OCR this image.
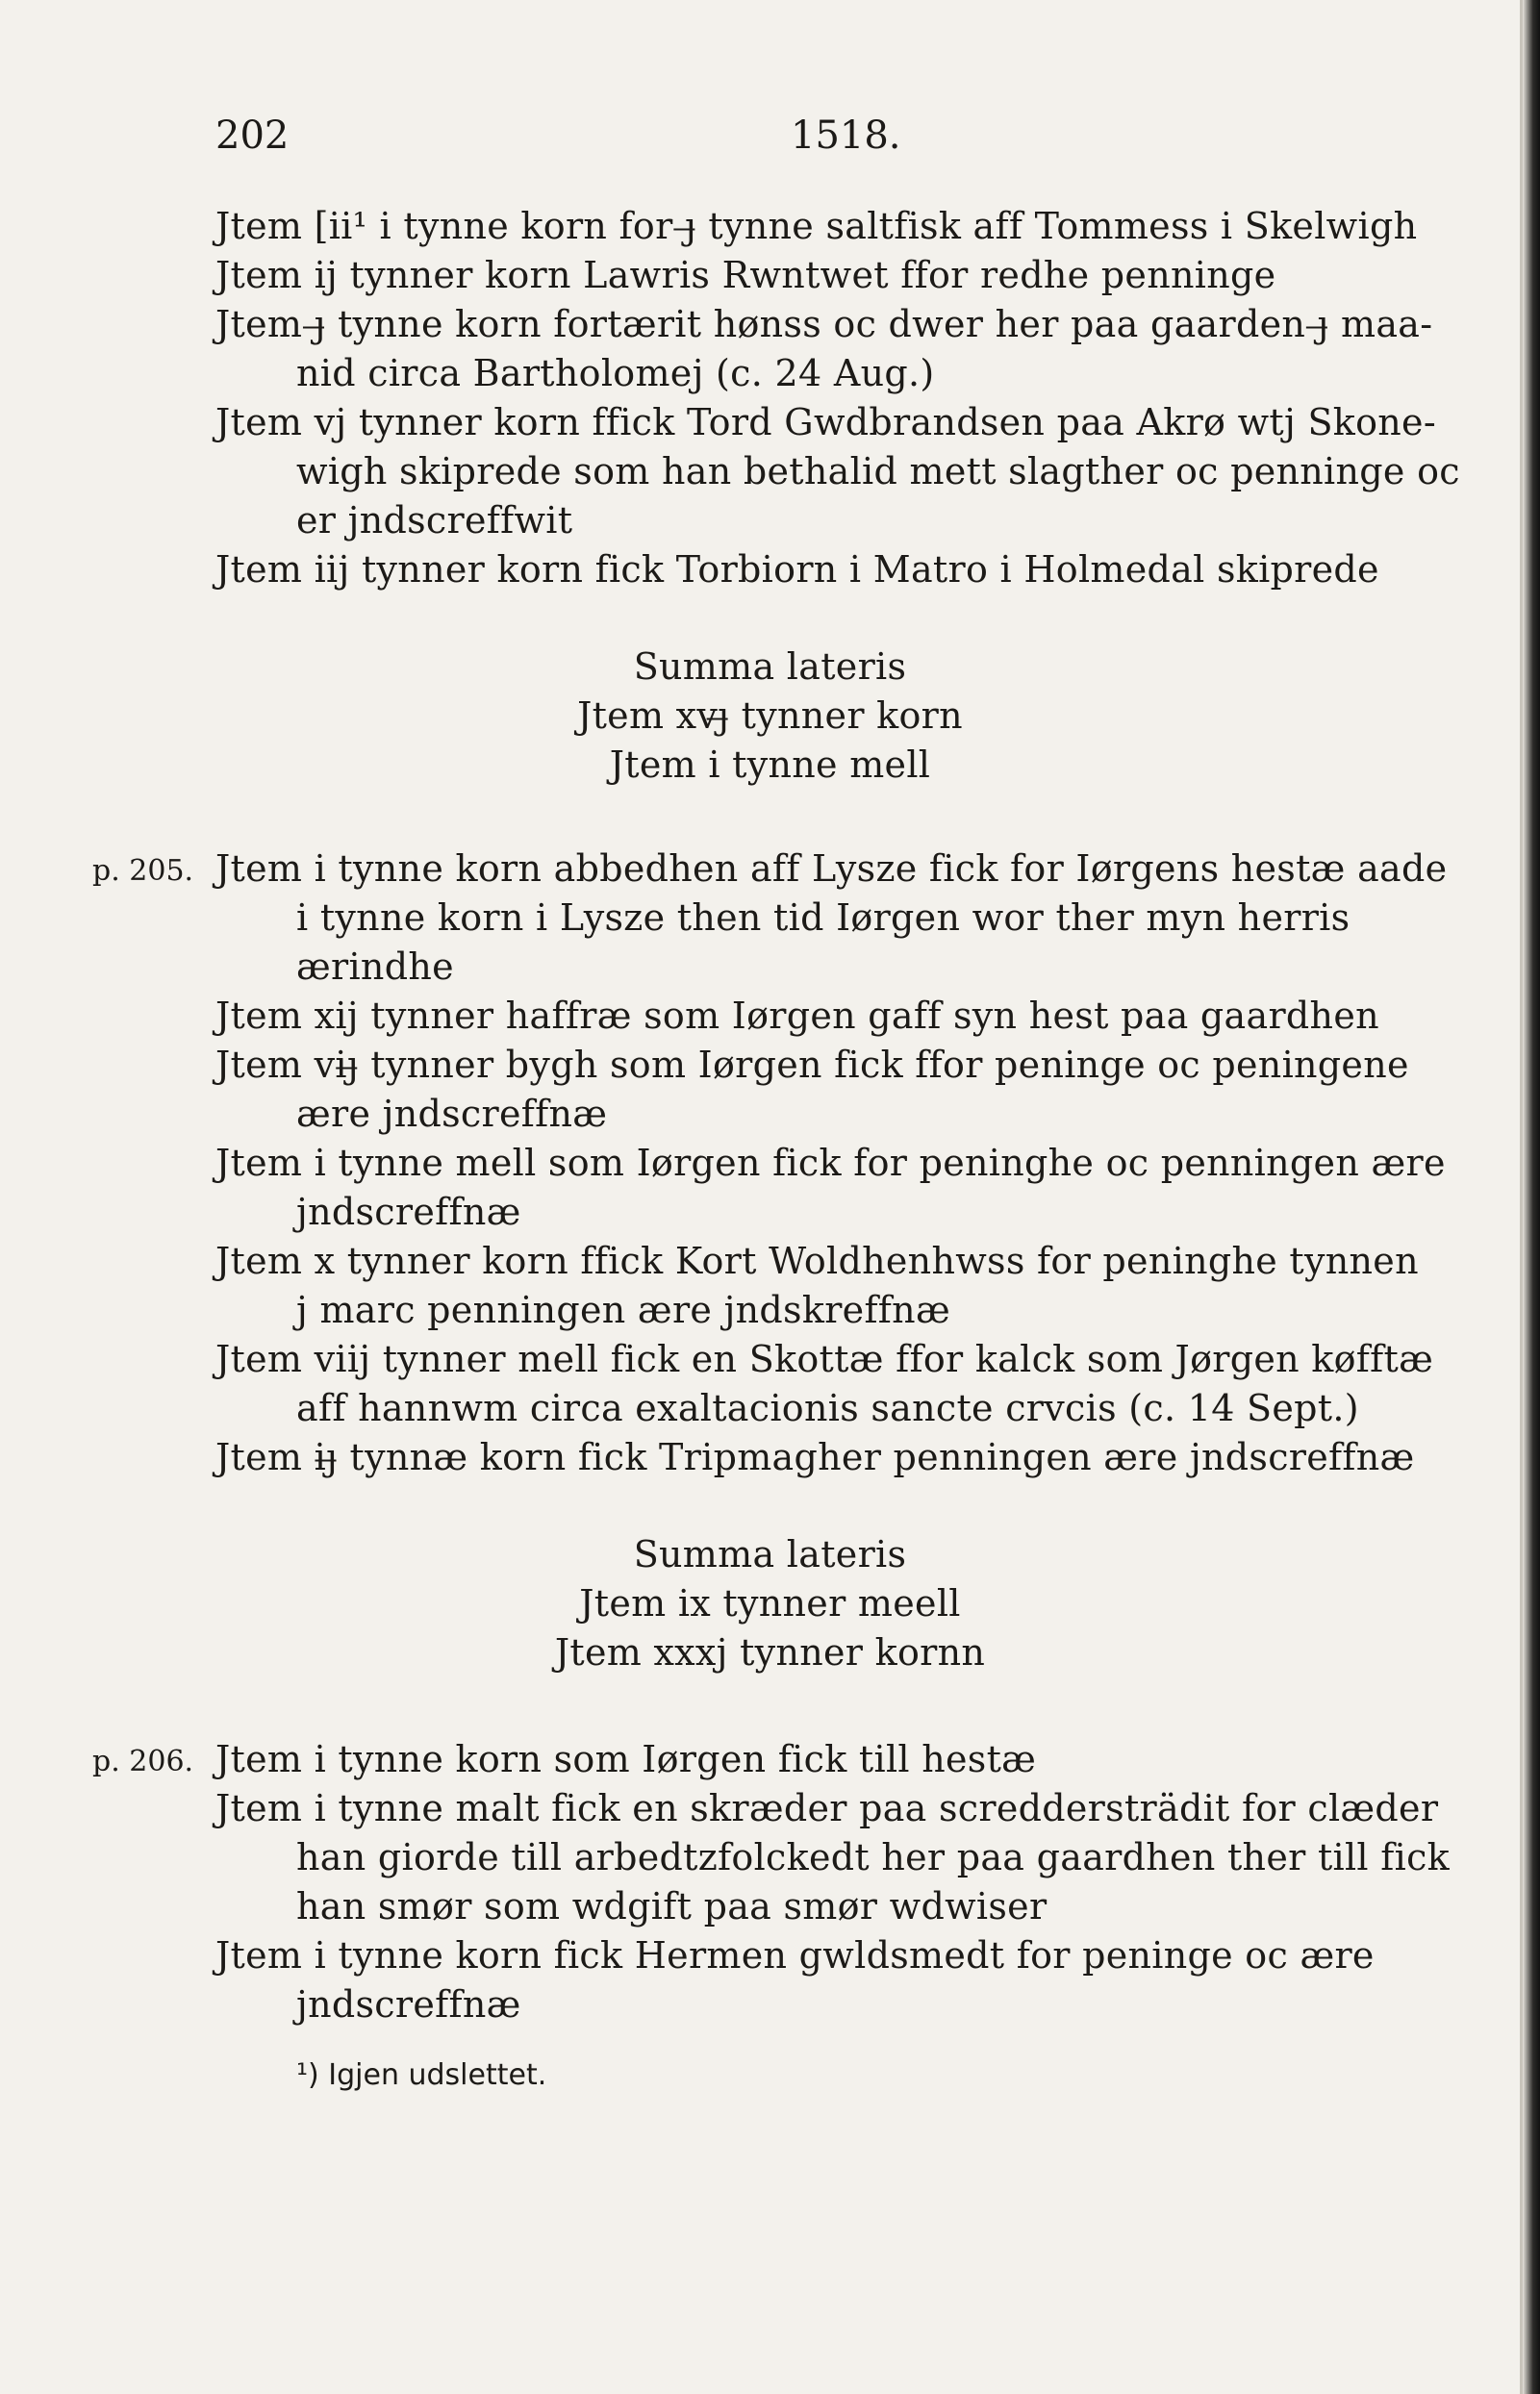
202	1518.
Jtem [ii¹ i tynne korn for ȷ̶ tynne saltfisk aff Tommess i Skelwigh
Jtem ij tynner korn Lawris Rwntwet ffor redhe penninge
Jtem ȷ̶ tynne korn fortærit hønss oc dwer her paa gaarden ȷ̶ maa-
nid circa Bartholomej (c. 24 Aug.)
Jtem vj tynner korn ffick Tord Gwdbrandsen paa Akrø wtj Skone-
wigh skiprede som han bethalid mett slagther oc penninge oc
er jndscreffwit
Jtem iij tynner korn fick Torbiorn i Matro i Holmedal skiprede
Summa lateris
Jtem xvȷ̶ tynner korn
Jtem i tynne mell
p. 205. Jtem i tynne korn abbedhen aff Lysze fick for Iørgens hestæ aade
i tynne korn i Lysze then tid Iørgen wor ther myn herris
ærindhe
Jtem xij tynner haffræ som Iørgen gaff syn hest paa gaardhen
Jtem viȷ̶ tynner bygh som Iørgen fick ffor peninge oc peningene
ære jndscreffnæ
Jtem i tynne mell som Iørgen fick for peninghe oc penningen ære
jndscreffnæ
Jtem x tynner korn ffick Kort Woldhenhwss for peninghe tynnen
j marc penningen ære jndskreffnæ
Jtem viij tynner mell fick en Skottæ ffor kalck som Jørgen køfftæ
aff hannwm circa exaltacionis sancte crvcis (c. 14 Sept.)
Jtem iȷ̶ tynnæ korn fick Tripmagher penningen ære jndscreffnæ
Summa lateris
Jtem ix tynner meell
Jtem xxxj tynner kornn
p. 206. Jtem i tynne korn som Iørgen fick till hestæ
Jtem i tynne malt fick en skræder paa screddersträdit for clæder
han giorde till arbedtzfolckedt her paa gaardhen ther till fick
han smør som wdgift paa smør wdwiser
Jtem i tynne korn fick Hermen gwldsmedt for peninge oc ære
jndscreffnæ
¹) Igjen udslettet.
